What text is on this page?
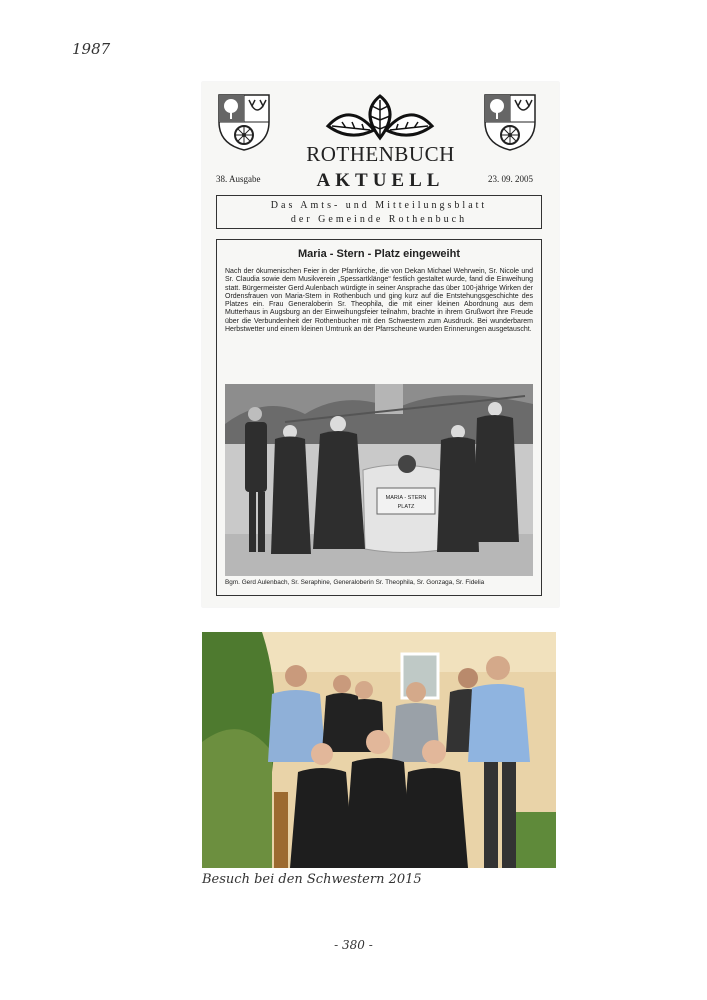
1987
ROTHENBUCH
AKTUELL
38. Ausgabe	23. 09. 2005
Das Amts- und Mitteilungsblatt
der Gemeinde Rothenbuch
Maria - Stern - Platz eingeweiht

Nach der ökumenischen Feier in der Pfarrkirche, die von Dekan Michael Wehrwein, Sr. Nicole und Sr. Claudia sowie dem Musikverein „Spessartklänge“ festlich gestaltet wurde, fand die Einweihung statt. Bürgermeister Gerd Aulenbach würdigte in seiner Ansprache das über 100-jährige Wirken der Ordensfrauen von Maria-Stern in Rothenbuch und ging kurz auf die Entstehungsgeschichte des Platzes ein. Frau Generaloberin Sr. Theophila, die mit einer kleinen Abordnung aus dem Mutterhaus in Augsburg an der Einweihungsfeier teilnahm, brachte in ihrem Grußwort ihre Freude über die Verbundenheit der Rothenbucher mit den Schwestern zum Ausdruck. Bei wunderbarem Herbstwetter und einem kleinen Umtrunk an der Pfarrscheune wurden Erinnerungen ausgetauscht.

MARIA - STERN
PLATZ
Bgm. Gerd Aulenbach, Sr. Seraphine, Generaloberin Sr. Theophila, Sr. Gonzaga, Sr. Fidelia
Besuch bei den Schwestern 2015
- 380 -
